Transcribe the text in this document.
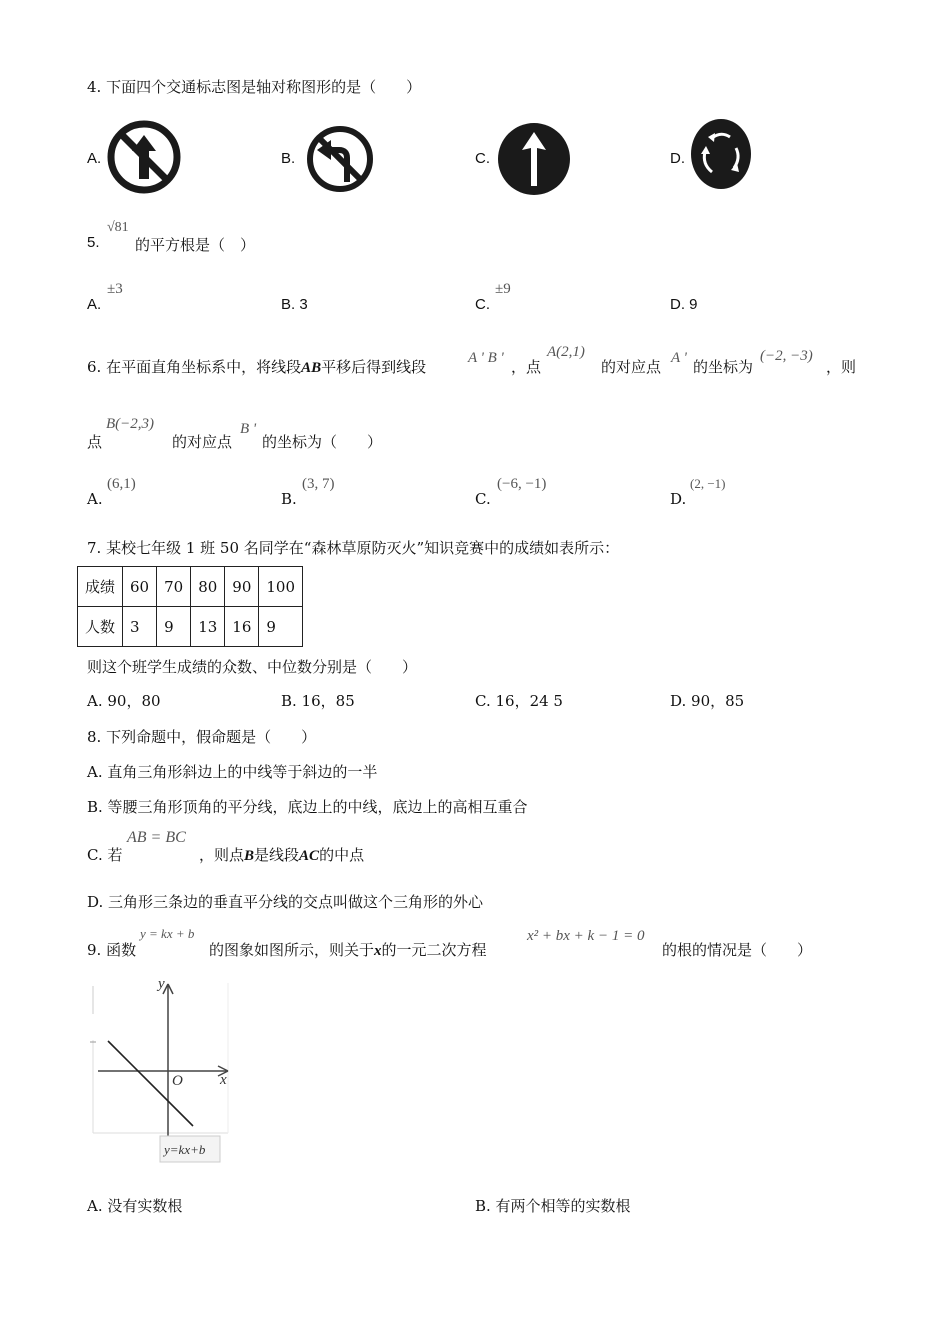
4. 下面四个交通标志图是轴对称图形的是（　　）
A.	B.	C.	D.
5.
√81
的平方根是（　）
A.
±3
B. 3	C.
±9
D. 9
6. 在平面直角坐标系中，将线段AB平移后得到线段	A ' B ' ，点
A(2,1)
的对应点 A ' 的坐标为
(−2, −3)
，则
点
B(−2,3)
的对应点
B '
的坐标为（　　）
A.
(6,1)
B.
(3, 7)
C.
(−6, −1)
D.
(2, −1)
7. 某校七年级 1 班 50 名同学在“森林草原防灭火”知识竞赛中的成绩如表所示：
成绩	60	70	80	90	100
人数	3	9	13	16	9
则这个班学生成绩的众数、中位数分别是（　　）
A. 90，80	B. 16，85	C. 16，24 5	D. 90，85
8. 下列命题中，假命题是（　　）
A. 直角三角形斜边上的中线等于斜边的一半
B. 等腰三角形顶角的平分线，底边上的中线，底边上的高相互重合
C. 若
AB = BC
，则点B是线段AC的中点
D. 三角形三条边的垂直平分线的交点叫做这个三角形的外心
9. 函数
y = kx + b
的图象如图所示，则关于x的一元二次方程
x² + bx + k − 1 = 0
的根的情况是（　　）
y
x
O
y=kx+b
A. 没有实数根	B. 有两个相等的实数根
